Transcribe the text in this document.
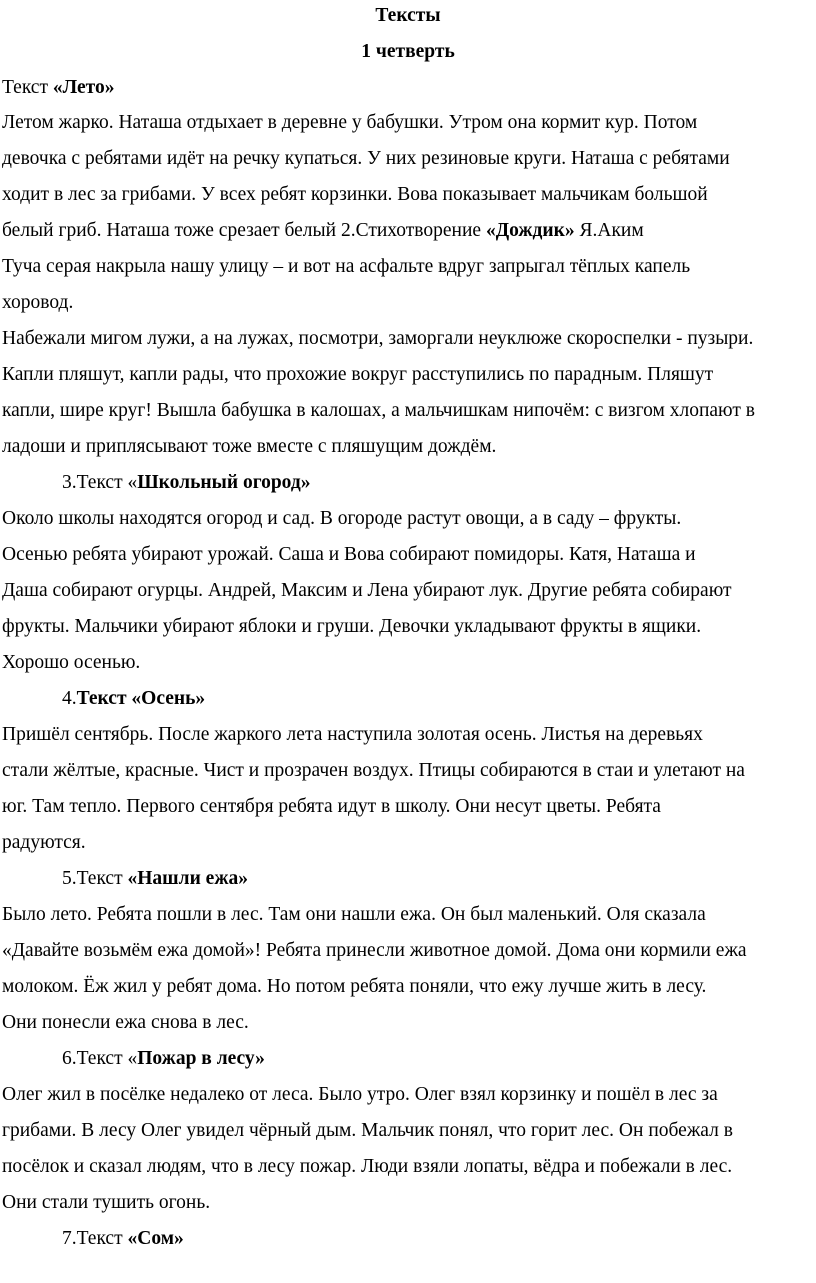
Тексты
1 четверть
Текст «Лето»
Летом жарко. Наташа отдыхает в деревне у бабушки. Утром она кормит кур. Потом
девочка с ребятами идёт на речку купаться. У них резиновые круги. Наташа с ребятами
ходит в лес за грибами. У всех ребят корзинки. Вова показывает мальчикам большой
белый гриб. Наташа тоже срезает белый 2.Стихотворение «Дождик» Я.Аким
Туча серая накрыла нашу улицу – и вот на асфальте вдруг запрыгал тёплых капель
хоровод.
Набежали мигом лужи, а на лужах, посмотри, заморгали неуклюже скороспелки - пузыри.
Капли пляшут, капли рады, что прохожие вокруг расступились по парадным. Пляшут
капли, шире круг! Вышла бабушка в калошах, а мальчишкам нипочём: с визгом хлопают в
ладоши и приплясывают тоже вместе с пляшущим дождём.
3.Текст «Школьный огород»
Около школы находятся огород и сад. В огороде растут овощи, а в саду – фрукты.
Осенью ребята убирают урожай. Саша и Вова собирают помидоры. Катя, Наташа и
Даша собирают огурцы. Андрей, Максим и Лена убирают лук. Другие ребята собирают
фрукты. Мальчики убирают яблоки и груши. Девочки укладывают фрукты в ящики.
Хорошо осенью.
4.Текст «Осень»
Пришёл сентябрь. После жаркого лета наступила золотая осень. Листья на деревьях
стали жёлтые, красные. Чист и прозрачен воздух. Птицы собираются в стаи и улетают на
юг. Там тепло. Первого сентября ребята идут в школу. Они несут цветы. Ребята
радуются.
5.Текст «Нашли ежа»
Было лето. Ребята пошли в лес. Там они нашли ежа. Он был маленький. Оля сказала
«Давайте возьмём ежа домой»! Ребята принесли животное домой. Дома они кормили ежа
молоком. Ёж жил у ребят дома. Но потом ребята поняли, что ежу лучше жить в лесу.
Они понесли ежа снова в лес.
6.Текст «Пожар в лесу»
Олег жил в посёлке недалеко от леса. Было утро. Олег взял корзинку и пошёл в лес за
грибами. В лесу Олег увидел чёрный дым. Мальчик понял, что горит лес. Он побежал в
посёлок и сказал людям, что в лесу пожар. Люди взяли лопаты, вёдра и побежали в лес.
Они стали тушить огонь.
7.Текст «Сом»
